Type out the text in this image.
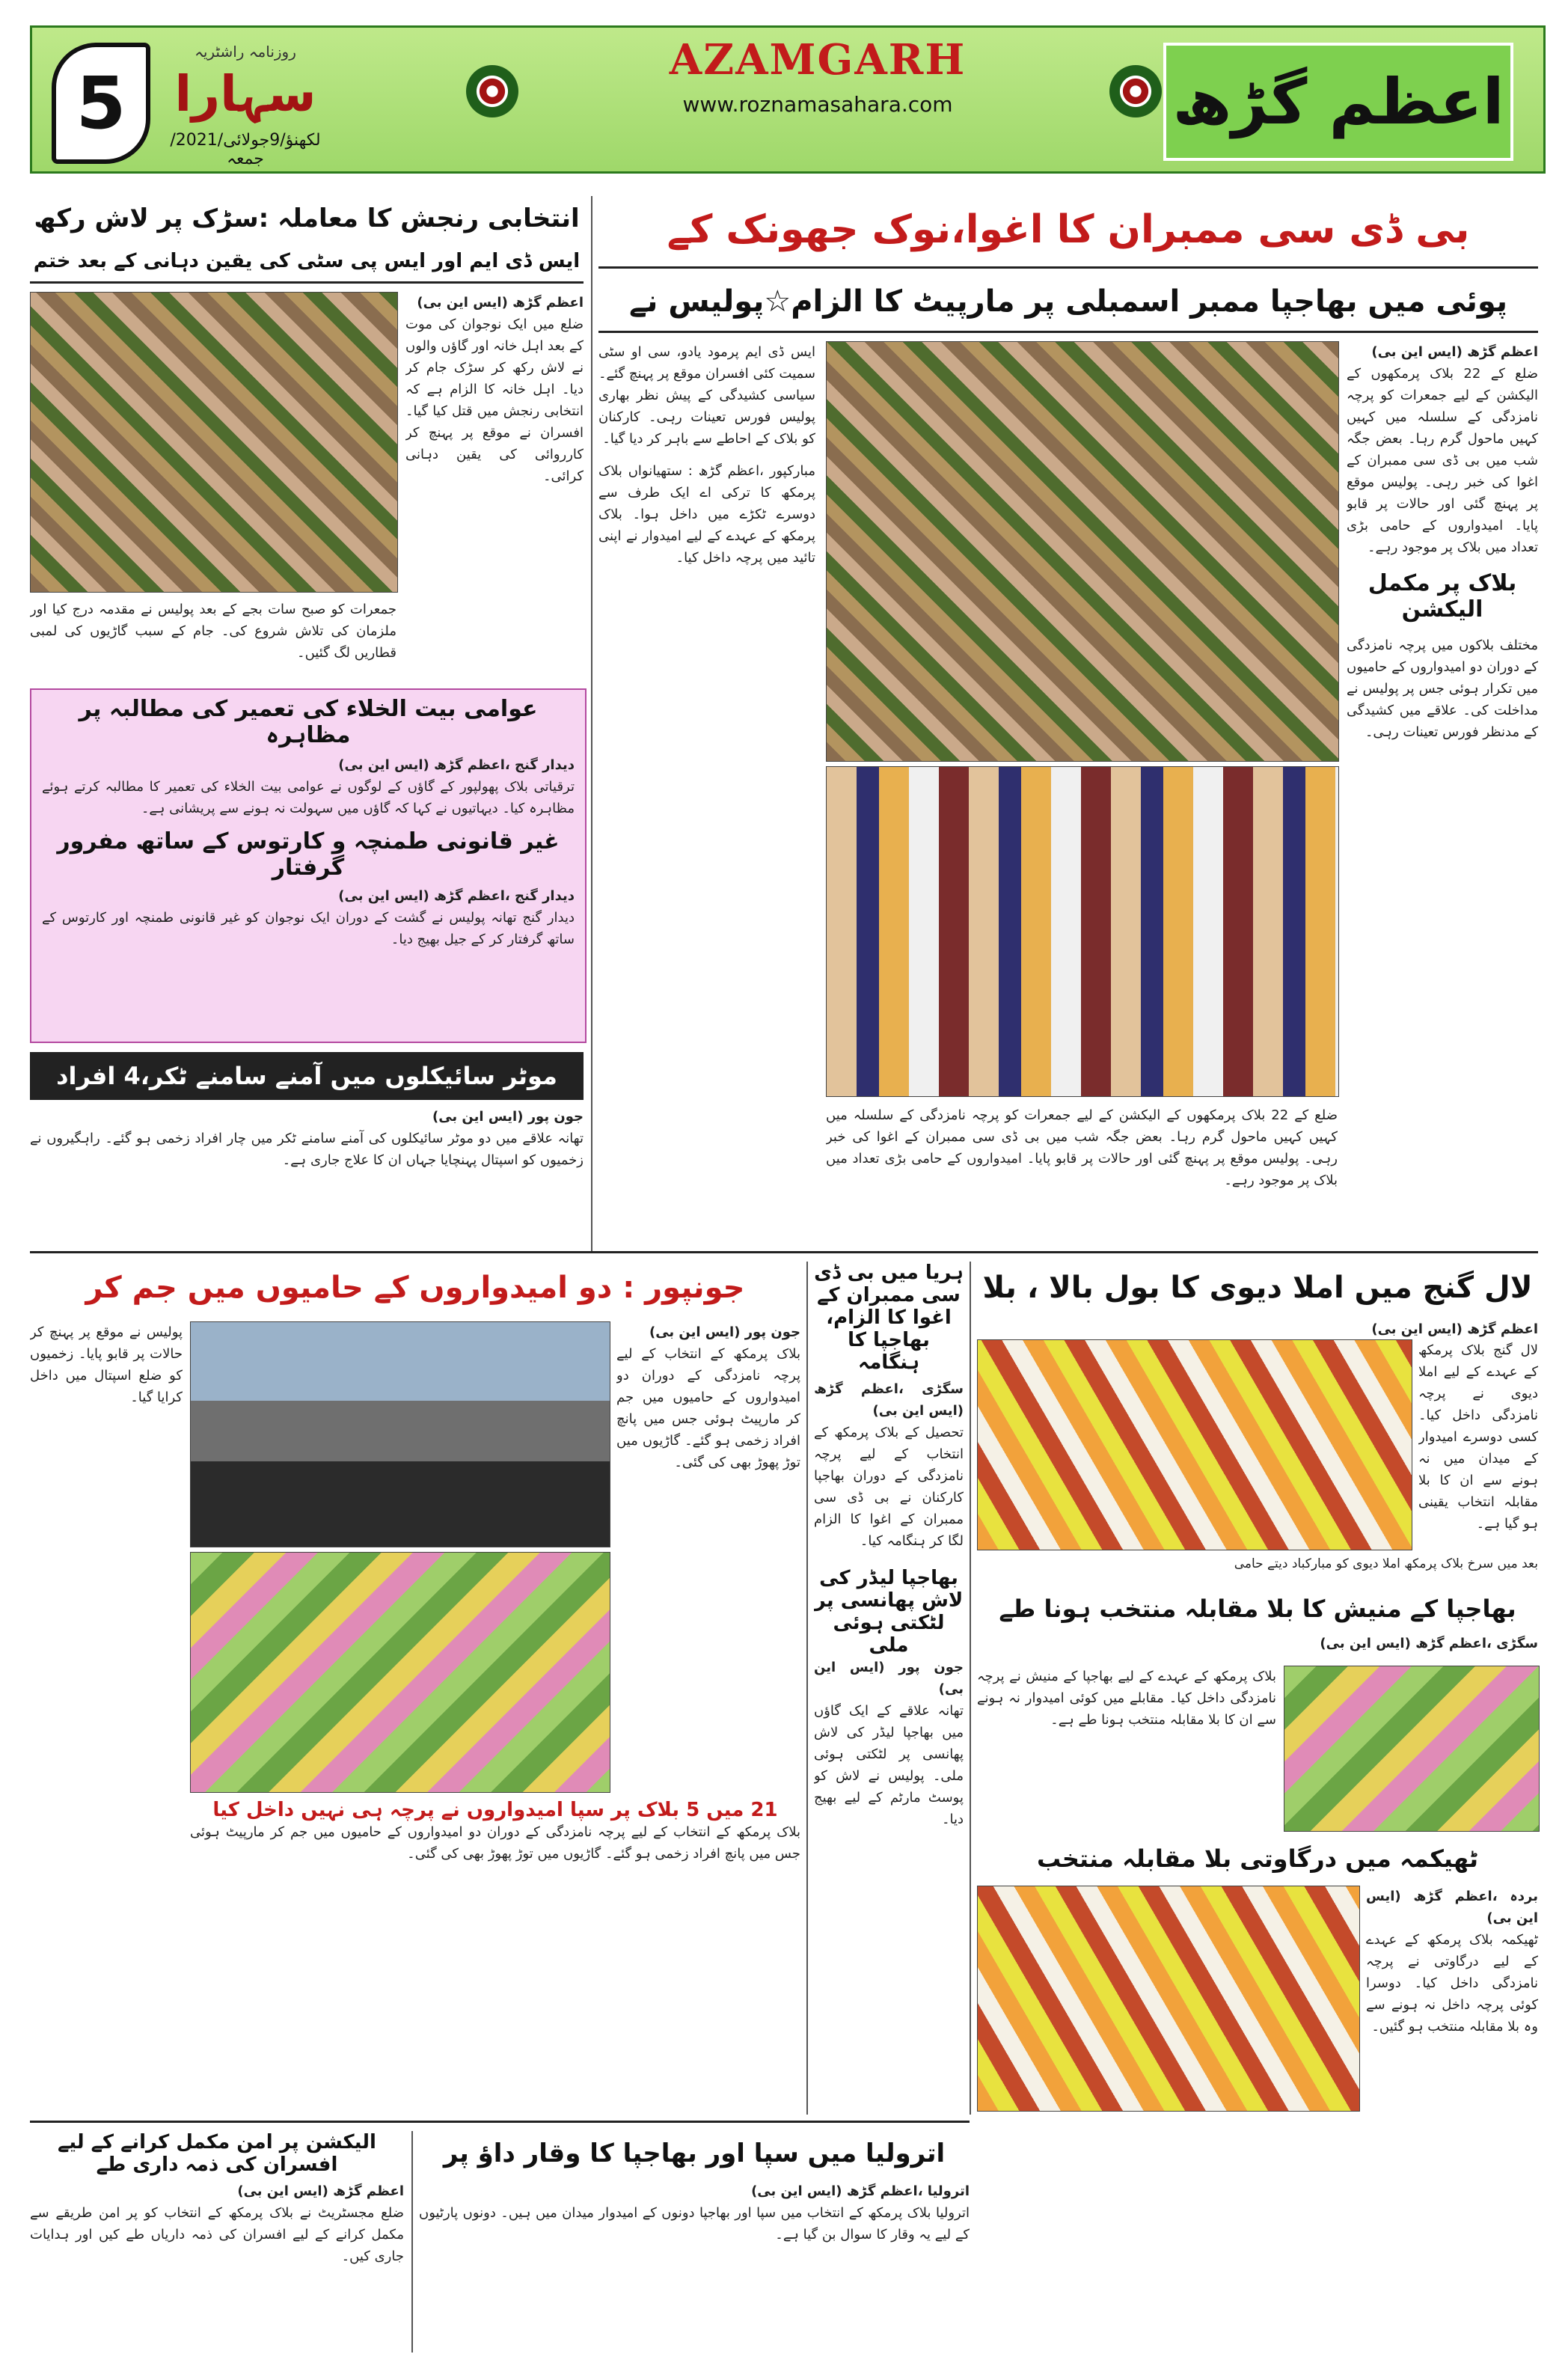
5
روزنامہ راشٹریہ
سہارا
لکھنؤ/9جولائی/2021/جمعہ
AZAMGARH
www.roznamasahara.com	اعظم گڑھ
بی ڈی سی ممبران کا اغوا،نوک جھونک کے
پوئی میں بھاجپا ممبر اسمبلی پر مارپیٹ کا الزام☆پولیس نے
اعظم گڑھ (ایس این بی)
ضلع کے 22 بلاک پرمکھوں کے الیکشن کے لیے جمعرات کو پرچہ نامزدگی کے سلسلہ میں کہیں کہیں ماحول گرم رہا۔ بعض جگہ شب میں بی ڈی سی ممبران کے اغوا کی خبر رہی۔ پولیس موقع پر پہنچ گئی اور حالات پر قابو پایا۔ امیدواروں کے حامی بڑی تعداد میں بلاک پر موجود رہے۔
بلاک پر مکمل الیکشن
مختلف بلاکوں میں پرچہ نامزدگی کے دوران دو امیدواروں کے حامیوں میں تکرار ہوئی جس پر پولیس نے مداخلت کی۔ علاقے میں کشیدگی کے مدنظر فورس تعینات رہی۔
ایس ڈی ایم پرمود یادو، سی او سٹی سمیت کئی افسران موقع پر پہنچ گئے۔ سیاسی کشیدگی کے پیش نظر بھاری پولیس فورس تعینات رہی۔ کارکنان کو بلاک کے احاطے سے باہر کر دیا گیا۔
مبارکپور ،اعظم گڑھ : ستھیانواں بلاک پرمکھ کا ترکی اے ایک طرف سے دوسرے ٹکڑے میں داخل ہوا۔ بلاک پرمکھ کے عہدے کے لیے امیدوار نے اپنی تائید میں پرچہ داخل کیا۔
ضلع کے 22 بلاک پرمکھوں کے الیکشن کے لیے جمعرات کو پرچہ نامزدگی کے سلسلہ میں کہیں کہیں ماحول گرم رہا۔ بعض جگہ شب میں بی ڈی سی ممبران کے اغوا کی خبر رہی۔ پولیس موقع پر پہنچ گئی اور حالات پر قابو پایا۔ امیدواروں کے حامی بڑی تعداد میں بلاک پر موجود رہے۔
انتخابی رنجش کا معاملہ :سڑک پر لاش رکھ
ایس ڈی ایم اور ایس پی سٹی کی یقین دہانی کے بعد ختم
اعظم گڑھ (ایس این بی)
ضلع میں ایک نوجوان کی موت کے بعد اہل خانہ اور گاؤں والوں نے لاش رکھ کر سڑک جام کر دیا۔ اہل خانہ کا الزام ہے کہ انتخابی رنجش میں قتل کیا گیا۔ افسران نے موقع پر پہنچ کر کارروائی کی یقین دہانی کرائی۔
جمعرات کو صبح سات بجے کے بعد پولیس نے مقدمہ درج کیا اور ملزمان کی تلاش شروع کی۔ جام کے سبب گاڑیوں کی لمبی قطاریں لگ گئیں۔
عوامی بیت الخلاء کی تعمیر کی مطالبہ پر مظاہرہ
دیدار گنج ،اعظم گڑھ (ایس این بی)
ترقیاتی بلاک پھولپور کے گاؤں کے لوگوں نے عوامی بیت الخلاء کی تعمیر کا مطالبہ کرتے ہوئے مظاہرہ کیا۔ دیہاتیوں نے کہا کہ گاؤں میں سہولت نہ ہونے سے پریشانی ہے۔
غیر قانونی طمنچہ و کارتوس کے ساتھ مفرور گرفتار
دیدار گنج ،اعظم گڑھ (ایس این بی)
دیدار گنج تھانہ پولیس نے گشت کے دوران ایک نوجوان کو غیر قانونی طمنچہ اور کارتوس کے ساتھ گرفتار کر کے جیل بھیج دیا۔
موٹر سائیکلوں میں آمنے سامنے ٹکر،4 افراد زخمی	جون پور (ایس این بی)
تھانہ علاقے میں دو موٹر سائیکلوں کی آمنے سامنے ٹکر میں چار افراد زخمی ہو گئے۔ راہگیروں نے زخمیوں کو اسپتال پہنچایا جہاں ان کا علاج جاری ہے۔
جونپور : دو امیدواروں کے حامیوں میں جم کر
جون پور (ایس این بی)
بلاک پرمکھ کے انتخاب کے لیے پرچہ نامزدگی کے دوران دو امیدواروں کے حامیوں میں جم کر مارپیٹ ہوئی جس میں پانچ افراد زخمی ہو گئے۔ گاڑیوں میں توڑ پھوڑ بھی کی گئی۔
پولیس نے موقع پر پہنچ کر حالات پر قابو پایا۔ زخمیوں کو ضلع اسپتال میں داخل کرایا گیا۔
21 میں 5 بلاک پر سپا امیدواروں نے پرچہ ہی نہیں داخل کیا
بلاک پرمکھ کے انتخاب کے لیے پرچہ نامزدگی کے دوران دو امیدواروں کے حامیوں میں جم کر مارپیٹ ہوئی جس میں پانچ افراد زخمی ہو گئے۔ گاڑیوں میں توڑ پھوڑ بھی کی گئی۔
ہریا میں بی ڈی سی ممبران کے اغوا کا الزام، بھاجپا کا ہنگامہ
سگڑی ،اعظم گڑھ (ایس این بی)
تحصیل کے بلاک پرمکھ کے انتخاب کے لیے پرچہ نامزدگی کے دوران بھاجپا کارکنان نے بی ڈی سی ممبران کے اغوا کا الزام لگا کر ہنگامہ کیا۔
بھاجپا لیڈر کی لاش پھانسی پر لٹکتی ہوئی ملی
جون پور (ایس این بی)
تھانہ علاقے کے ایک گاؤں میں بھاجپا لیڈر کی لاش پھانسی پر لٹکتی ہوئی ملی۔ پولیس نے لاش کو پوسٹ مارٹم کے لیے بھیج دیا۔
لال گنج میں املا دیوی کا بول بالا ، بلا
اعظم گڑھ (ایس این بی)
لال گنج بلاک پرمکھ کے عہدے کے لیے املا دیوی نے پرچہ نامزدگی داخل کیا۔ کسی دوسرے امیدوار کے میدان میں نہ ہونے سے ان کا بلا مقابلہ انتخاب یقینی ہو گیا ہے۔
بعد میں سرخ بلاک پرمکھ املا دیوی کو مبارکباد دیتے حامی
بھاجپا کے منیش کا بلا مقابلہ منتخب ہونا طے
سگڑی ،اعظم گڑھ (ایس این بی)
بلاک پرمکھ کے عہدے کے لیے بھاجپا کے منیش نے پرچہ نامزدگی داخل کیا۔ مقابلے میں کوئی امیدوار نہ ہونے سے ان کا بلا مقابلہ منتخب ہونا طے ہے۔
ٹھیکمہ میں درگاوتی بلا مقابلہ منتخب
بردہ ،اعظم گڑھ (ایس این بی)
ٹھیکمہ بلاک پرمکھ کے عہدے کے لیے درگاوتی نے پرچہ نامزدگی داخل کیا۔ دوسرا کوئی پرچہ داخل نہ ہونے سے وہ بلا مقابلہ منتخب ہو گئیں۔
اترولیا میں سپا اور بھاجپا کا وقار داؤ پر
اترولیا ،اعظم گڑھ (ایس این بی)
اترولیا بلاک پرمکھ کے انتخاب میں سپا اور بھاجپا دونوں کے امیدوار میدان میں ہیں۔ دونوں پارٹیوں کے لیے یہ وقار کا سوال بن گیا ہے۔
الیکشن پر امن مکمل کرانے کے لیے افسران کی ذمہ داری طے
اعظم گڑھ (ایس این بی)
ضلع مجسٹریٹ نے بلاک پرمکھ کے انتخاب کو پر امن طریقے سے مکمل کرانے کے لیے افسران کی ذمہ داریاں طے کیں اور ہدایات جاری کیں۔
